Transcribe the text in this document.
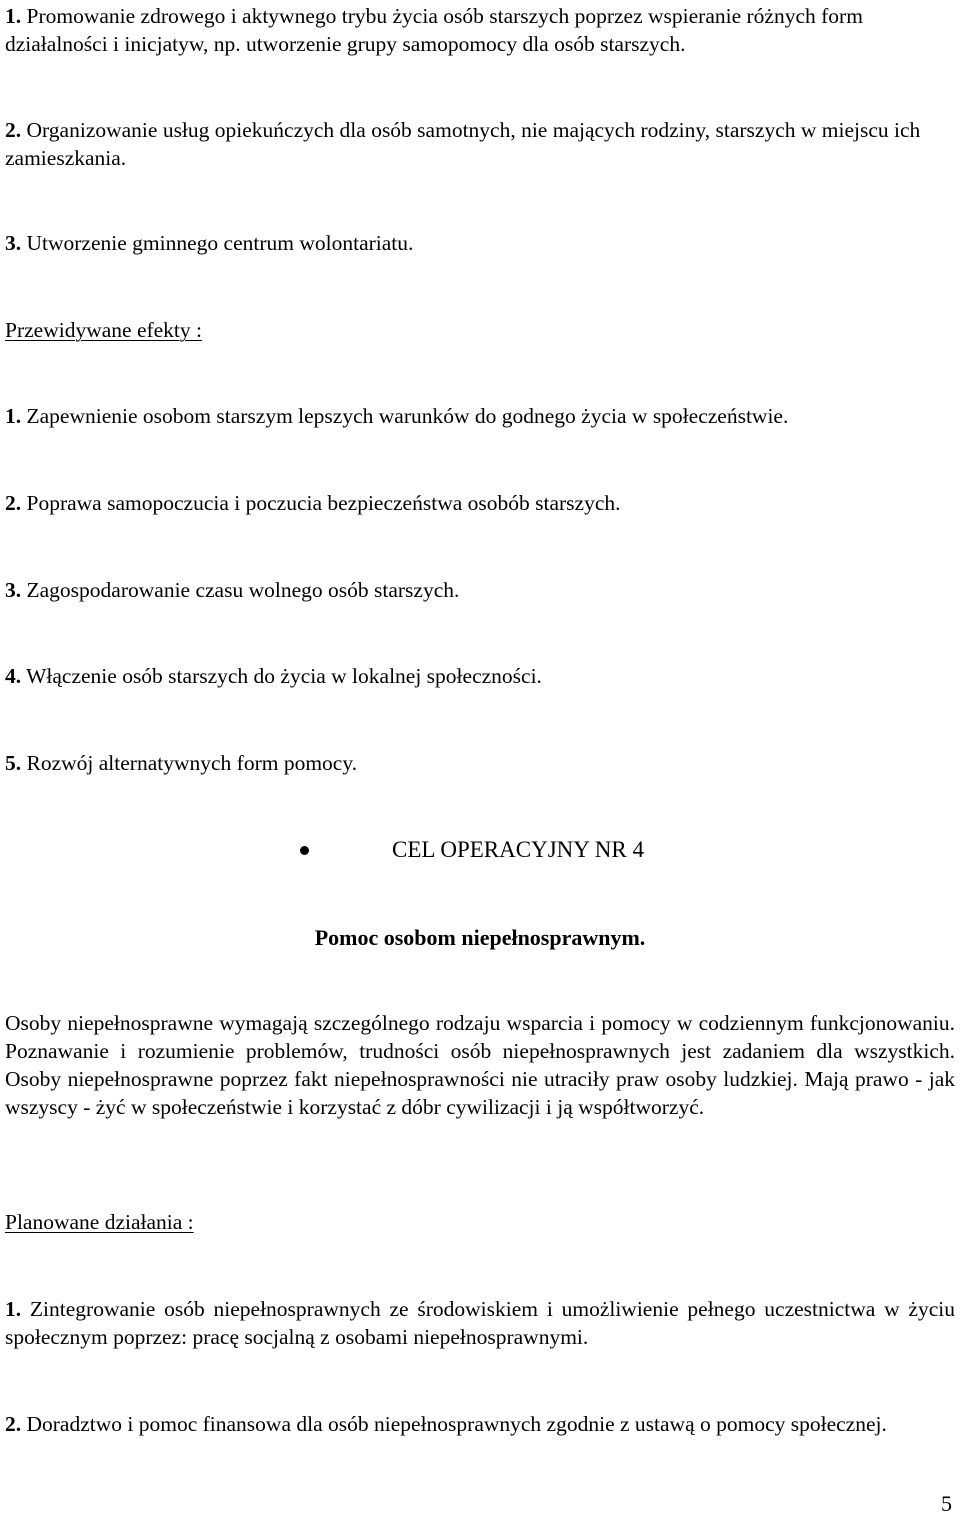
1. Promowanie zdrowego i aktywnego trybu życia osób starszych poprzez wspieranie różnych form działalności i inicjatyw, np. utworzenie grupy samopomocy dla osób starszych.

2. Organizowanie usług opiekuńczych dla osób samotnych, nie mających rodziny, starszych w miejscu ich zamieszkania.

3. Utworzenie gminnego centrum wolontariatu.

Przewidywane efekty :

1. Zapewnienie osobom starszym lepszych warunków do godnego życia w społeczeństwie.

2. Poprawa samopoczucia i poczucia bezpieczeństwa osobób starszych.

3. Zagospodarowanie czasu wolnego osób starszych.

4. Włączenie osób starszych do życia w lokalnej społeczności.

5. Rozwój alternatywnych form pomocy.

CEL OPERACYJNY NR 4
Pomoc osobom niepełnosprawnym.

Osoby niepełnosprawne wymagają szczególnego rodzaju wsparcia i pomocy w codziennym funkcjonowaniu. Poznawanie i rozumienie problemów, trudności osób niepełnosprawnych jest zadaniem dla wszystkich. Osoby niepełnosprawne poprzez fakt niepełnosprawności nie utraciły praw osoby ludzkiej. Mają prawo - jak wszyscy - żyć w społeczeństwie i korzystać z dóbr cywilizacji i ją współtworzyć.

Planowane działania :

1. Zintegrowanie osób niepełnosprawnych ze środowiskiem i umożliwienie pełnego uczestnictwa w życiu społecznym poprzez: pracę socjalną z osobami niepełnosprawnymi.

2. Doradztwo i pomoc finansowa dla osób niepełnosprawnych zgodnie z ustawą o pomocy społecznej.

5
